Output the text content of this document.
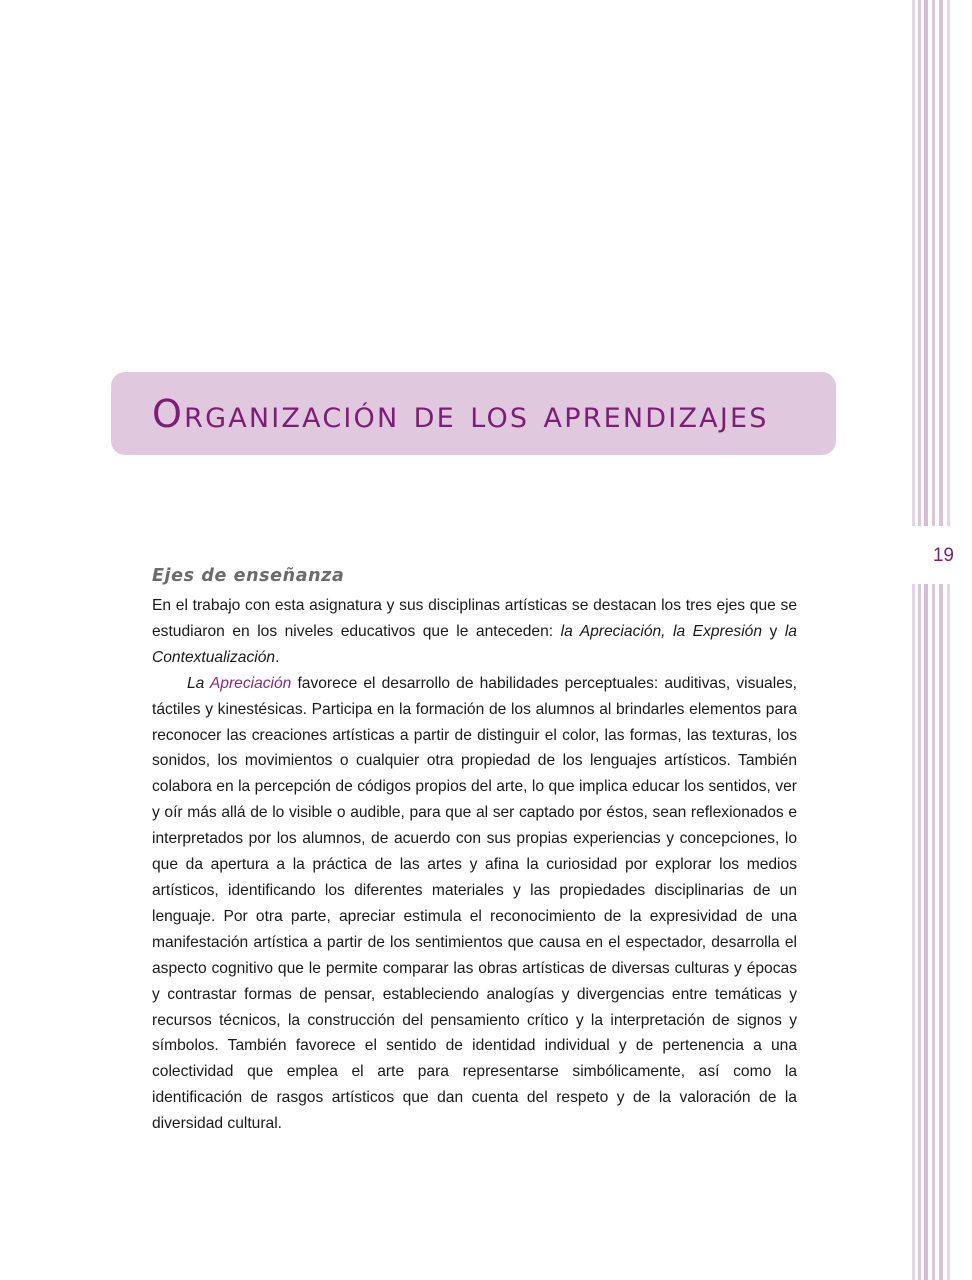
19
Organización de los aprendizajes
Ejes de enseñanza

En el trabajo con esta asignatura y sus disciplinas artísticas se destacan los tres ejes que se estudiaron en los niveles educativos que le anteceden: la Apreciación, la Expresión y la Contextualización.

La Apreciación favorece el desarrollo de habilidades perceptuales: auditivas, visuales, táctiles y kinestésicas. Participa en la formación de los alumnos al brindarles elementos para reconocer las creaciones artísticas a partir de distinguir el color, las formas, las texturas, los sonidos, los movimientos o cualquier otra propiedad de los lenguajes artísticos. También colabora en la percepción de códigos propios del arte, lo que implica educar los sentidos, ver y oír más allá de lo visible o audible, para que al ser captado por éstos, sean reflexionados e interpretados por los alumnos, de acuerdo con sus propias experiencias y concepciones, lo que da apertura a la práctica de las artes y afina la curiosidad por explorar los medios artísticos, identificando los diferentes materiales y las propiedades disciplinarias de un lenguaje. Por otra parte, apreciar estimula el reconocimiento de la expresividad de una manifestación artística a partir de los sentimientos que causa en el espectador, desarrolla el aspecto cognitivo que le permite comparar las obras artísticas de diversas culturas y épocas y contrastar formas de pensar, estableciendo analogías y divergencias entre temáticas y recursos técnicos, la construcción del pensamiento crítico y la interpretación de signos y símbolos. También favorece el sentido de identidad individual y de pertenencia a una colectividad que emplea el arte para representarse simbólicamente, así como la identificación de rasgos artísticos que dan cuenta del respeto y de la valoración de la diversidad cultural.
